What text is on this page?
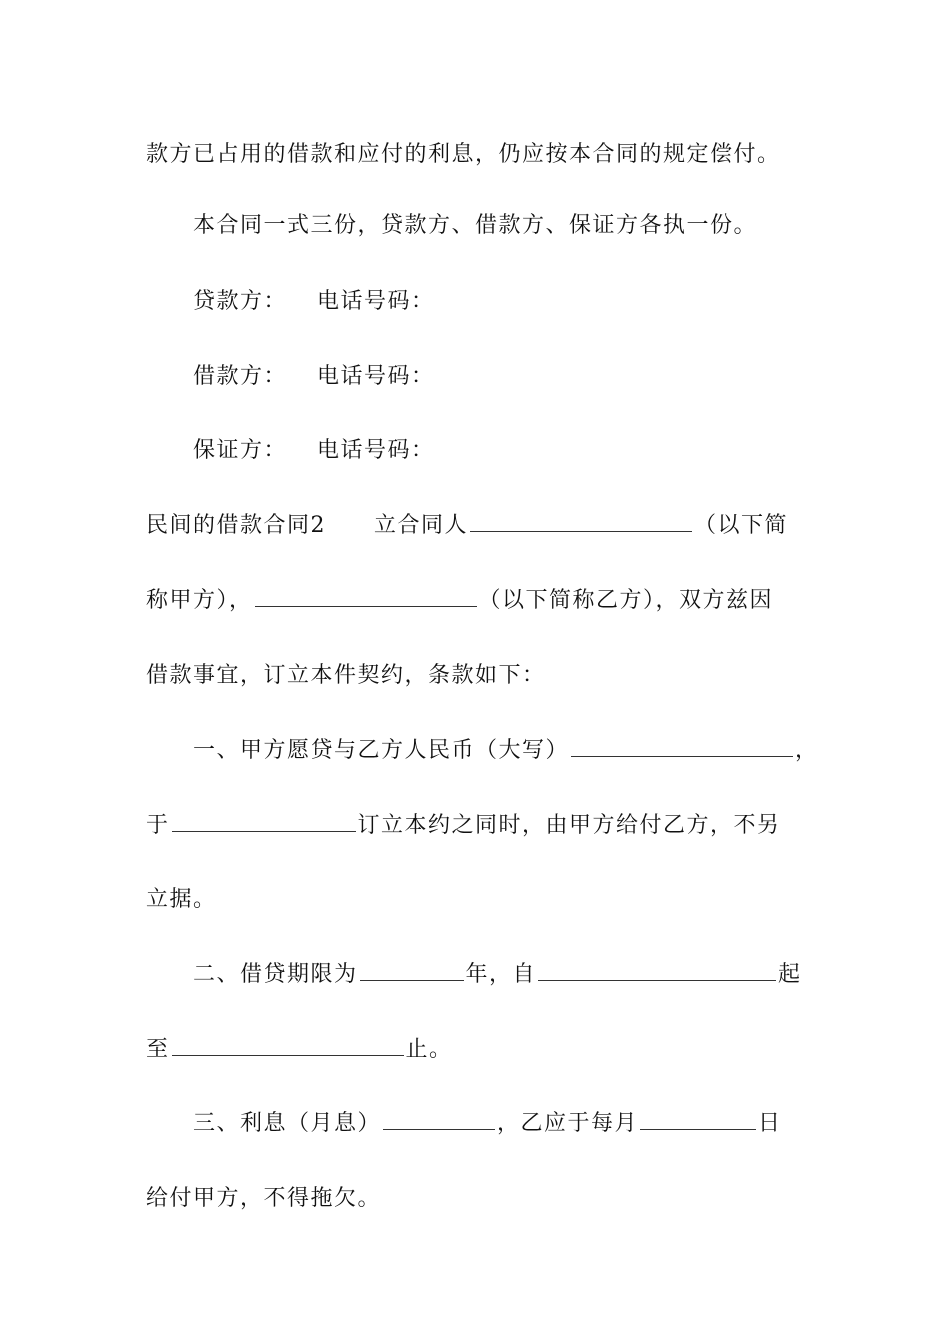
款方已占用的借款和应付的利息，仍应按本合同的规定偿付。
本合同一式三份，贷款方、借款方、保证方各执一份。
贷款方： 电话号码：
借款方： 电话号码：
保证方： 电话号码：
民间的借款合同2 立合同人	（以下简
称甲方），	（以下简称乙方），双方兹因
借款事宜，订立本件契约，条款如下：
一、甲方愿贷与乙方人民币（大写）	，
于	订立本约之同时，由甲方给付乙方，不另
立据。
二、借贷期限为	年，自	起
至	止。
三、利息（月息）	，乙应于每月	日
给付甲方，不得拖欠。
